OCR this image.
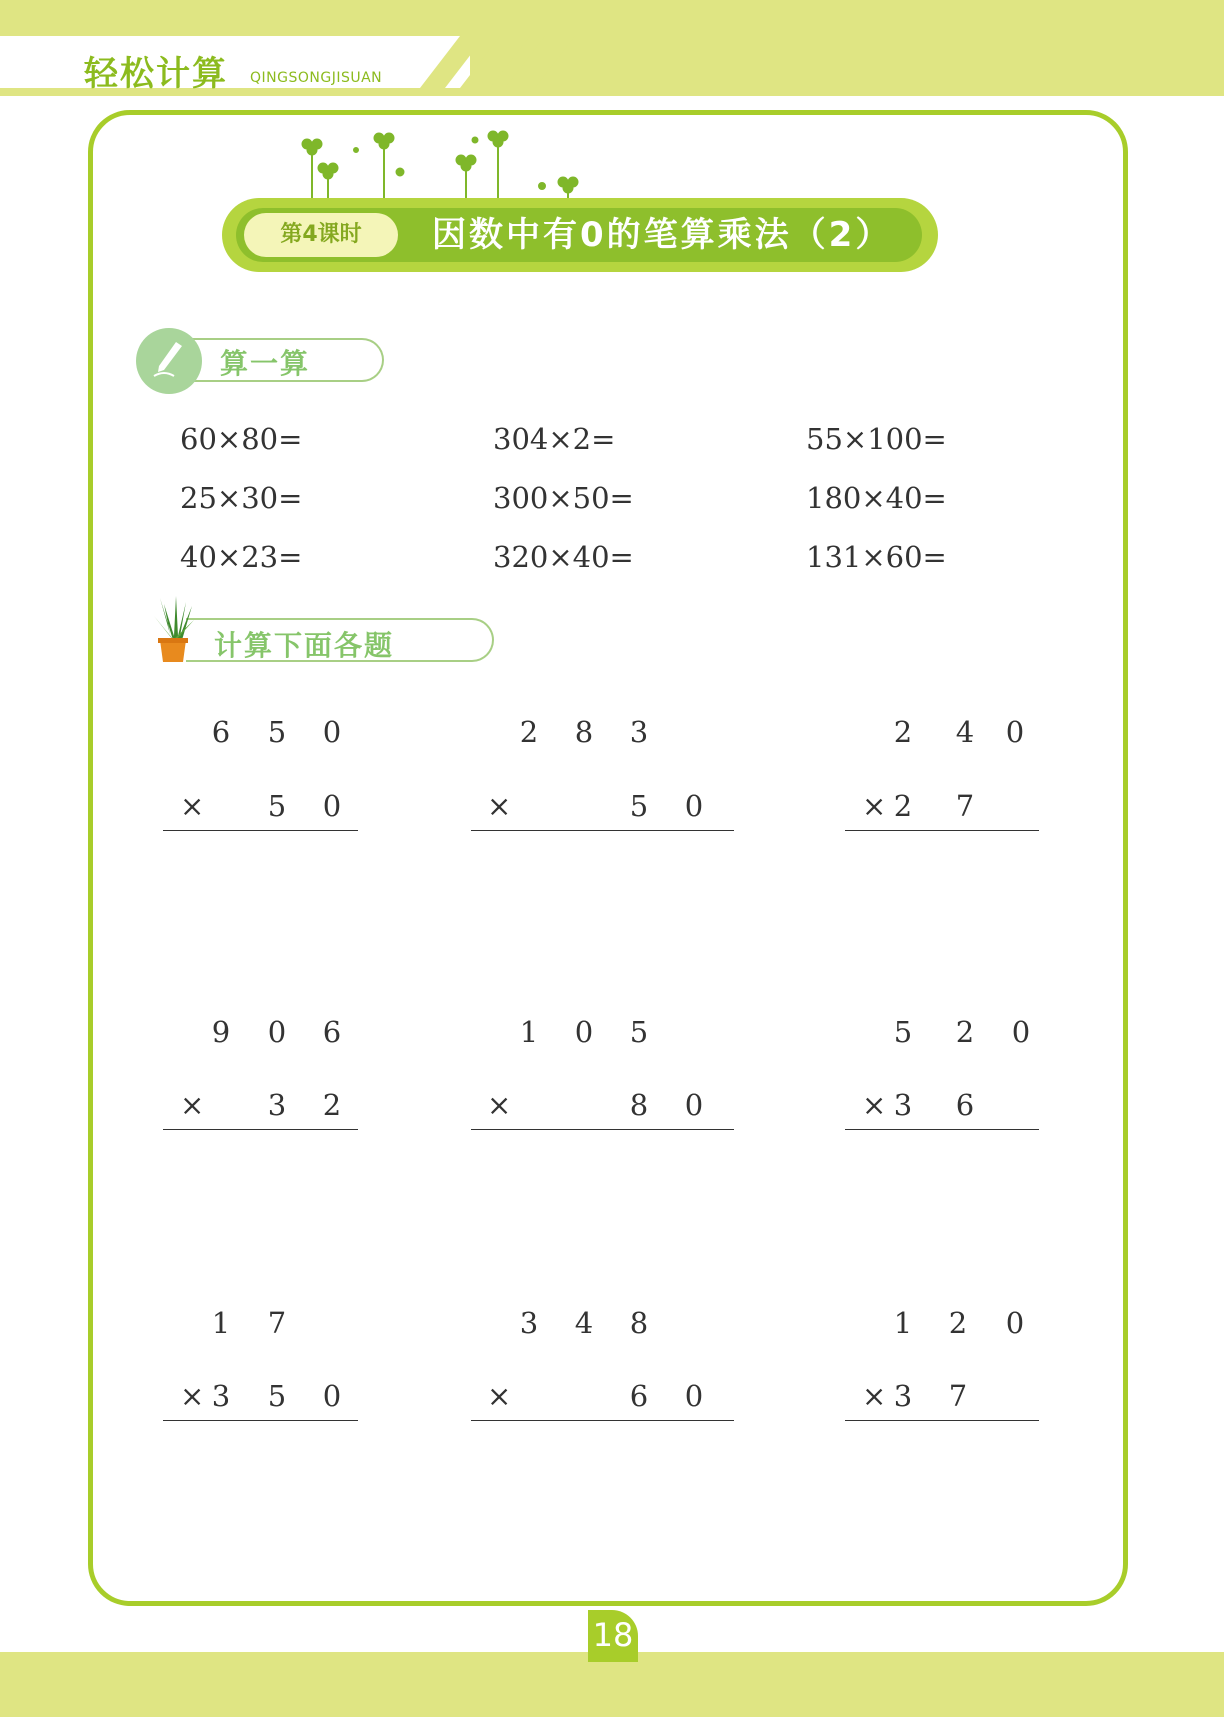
轻松计算 QINGSONGJISUAN
第4课时	因数中有0的笔算乘法（2）
算一算
60×80=	304×2=	55×100=
25×30=	300×50=	180×40=
40×23=	320×40=	131×60=
计算下面各题
6 5 0
× 5 0
2 8 3
×	5 0
2 4 0
× 2 7
9 0 6
× 3 2
1 0 5
×	8 0
5 2 0
× 3 6
1 7
× 3 5 0
3 4 8
×	6 0
1 2 0
× 3 7
18
